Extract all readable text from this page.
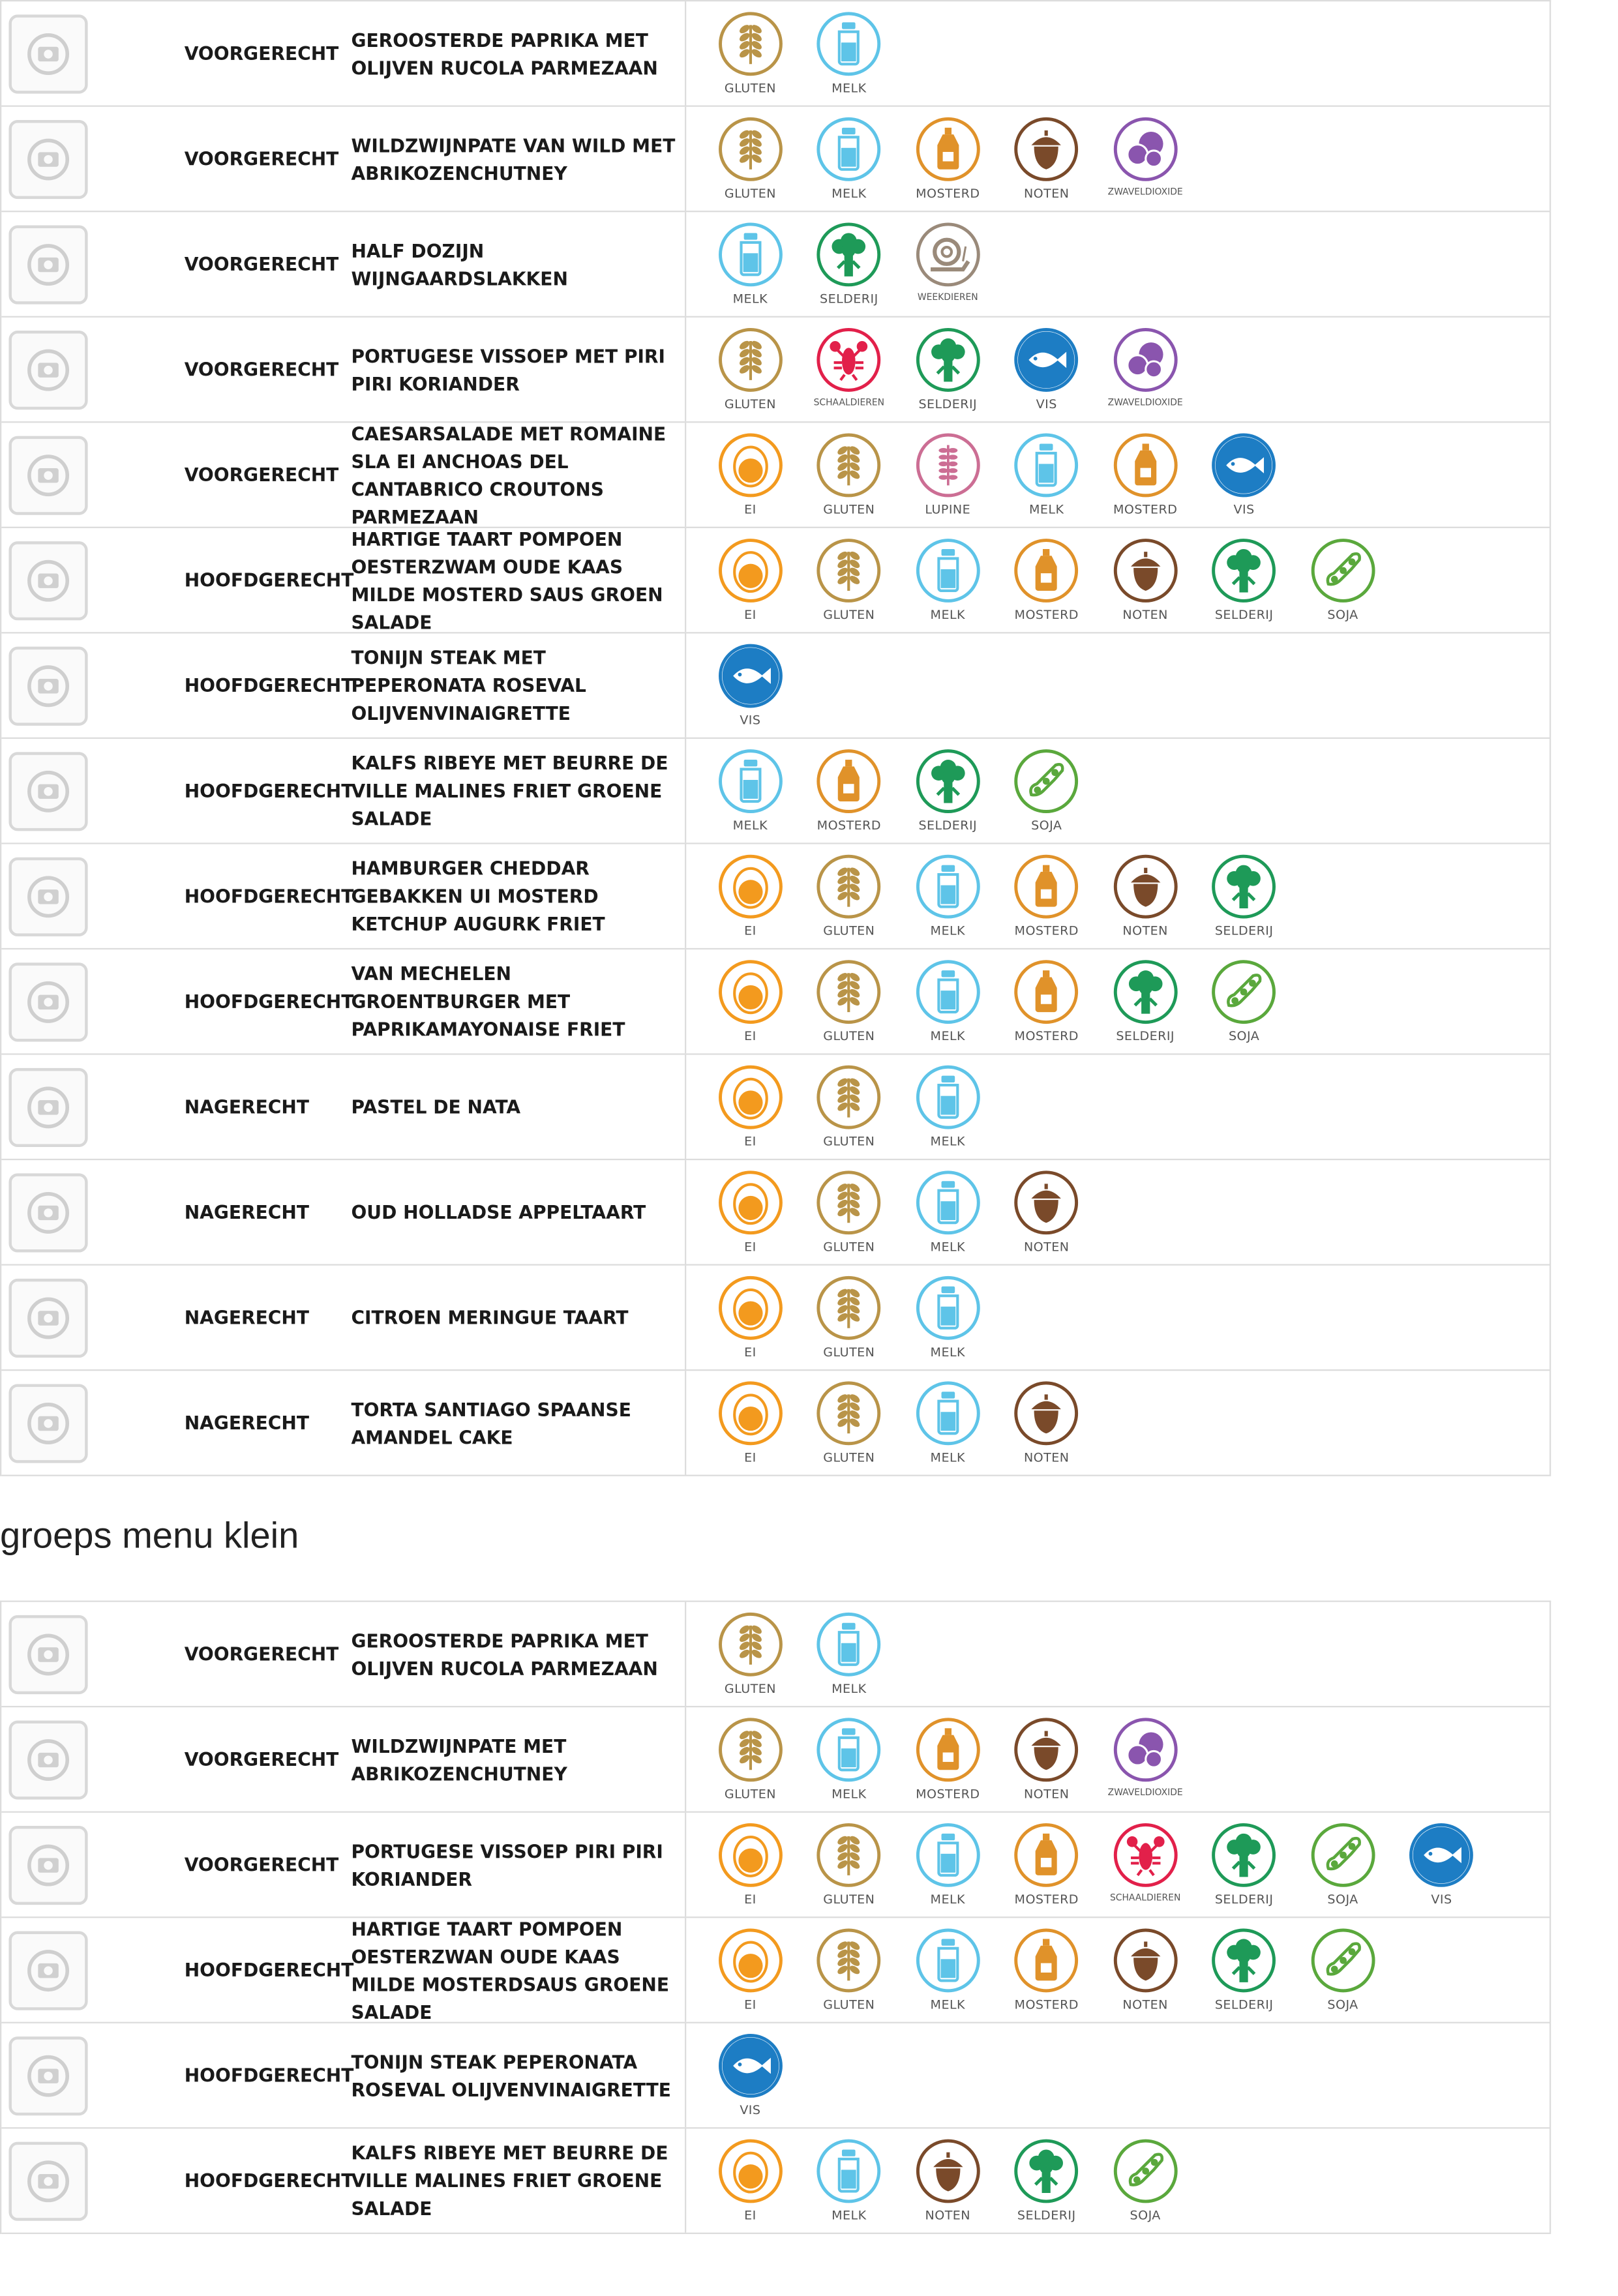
VOORGERECHT
GEROOSTERDE PAPRIKA MET OLIJVEN RUCOLA PARMEZAAN
GLUTEN	MELK
VOORGERECHT
WILDZWIJNPATE VAN WILD MET ABRIKOZENCHUTNEY
GLUTEN	MELK	MOSTERD	NOTEN	ZWAVELDIOXIDE
VOORGERECHT
HALF DOZIJN WIJNGAARDSLAKKEN
MELK	SELDERIJ	WEEKDIEREN
VOORGERECHT
PORTUGESE VISSOEP MET PIRI PIRI KORIANDER
GLUTEN	SCHAALDIEREN	SELDERIJ	VIS	ZWAVELDIOXIDE
VOORGERECHT
CAESARSALADE MET ROMAINE SLA EI ANCHOAS DEL CANTABRICO CROUTONS PARMEZAAN	EI	GLUTEN	LUPINE	MELK	MOSTERD	VIS
HOOFDGERECHT
HARTIGE TAART POMPOEN OESTERZWAM OUDE KAAS MILDE MOSTERD SAUS GROEN SALADE	EI	GLUTEN	MELK	MOSTERD	NOTEN	SELDERIJ	SOJA
HOOFDGERECHT
TONIJN STEAK MET PEPERONATA ROSEVAL OLIJVENVINAIGRETTE	VIS
HOOFDGERECHT
KALFS RIBEYE MET BEURRE DE VILLE MALINES FRIET GROENE SALADE	MELK	MOSTERD	SELDERIJ	SOJA
HOOFDGERECHT
HAMBURGER CHEDDAR GEBAKKEN UI MOSTERD KETCHUP AUGURK FRIET	EI	GLUTEN	MELK	MOSTERD	NOTEN	SELDERIJ
HOOFDGERECHT
VAN MECHELEN GROENTBURGER MET PAPRIKAMAYONAISE FRIET	EI	GLUTEN	MELK	MOSTERD	SELDERIJ	SOJA
NAGERECHT	PASTEL DE NATA
EI	GLUTEN	MELK
NAGERECHT	OUD HOLLADSE APPELTAART
EI	GLUTEN	MELK	NOTEN
NAGERECHT	CITROEN MERINGUE TAART
EI	GLUTEN	MELK
NAGERECHT
TORTA SANTIAGO SPAANSE AMANDEL CAKE
EI	GLUTEN	MELK	NOTEN
groeps menu klein
VOORGERECHT
GEROOSTERDE PAPRIKA MET OLIJVEN RUCOLA PARMEZAAN
GLUTEN	MELK
VOORGERECHT
WILDZWIJNPATE MET ABRIKOZENCHUTNEY
GLUTEN	MELK	MOSTERD	NOTEN	ZWAVELDIOXIDE
VOORGERECHT
PORTUGESE VISSOEP PIRI PIRI KORIANDER
EI	GLUTEN	MELK	MOSTERD	SCHAALDIEREN	SELDERIJ	SOJA	VIS
HOOFDGERECHT
HARTIGE TAART POMPOEN OESTERZWAN OUDE KAAS MILDE MOSTERDSAUS GROENE SALADE	EI	GLUTEN	MELK	MOSTERD	NOTEN	SELDERIJ	SOJA
HOOFDGERECHT
TONIJN STEAK PEPERONATA ROSEVAL OLIJVENVINAIGRETTE
VIS
HOOFDGERECHT
KALFS RIBEYE MET BEURRE DE VILLE MALINES FRIET GROENE SALADE	EI	MELK	NOTEN	SELDERIJ	SOJA
